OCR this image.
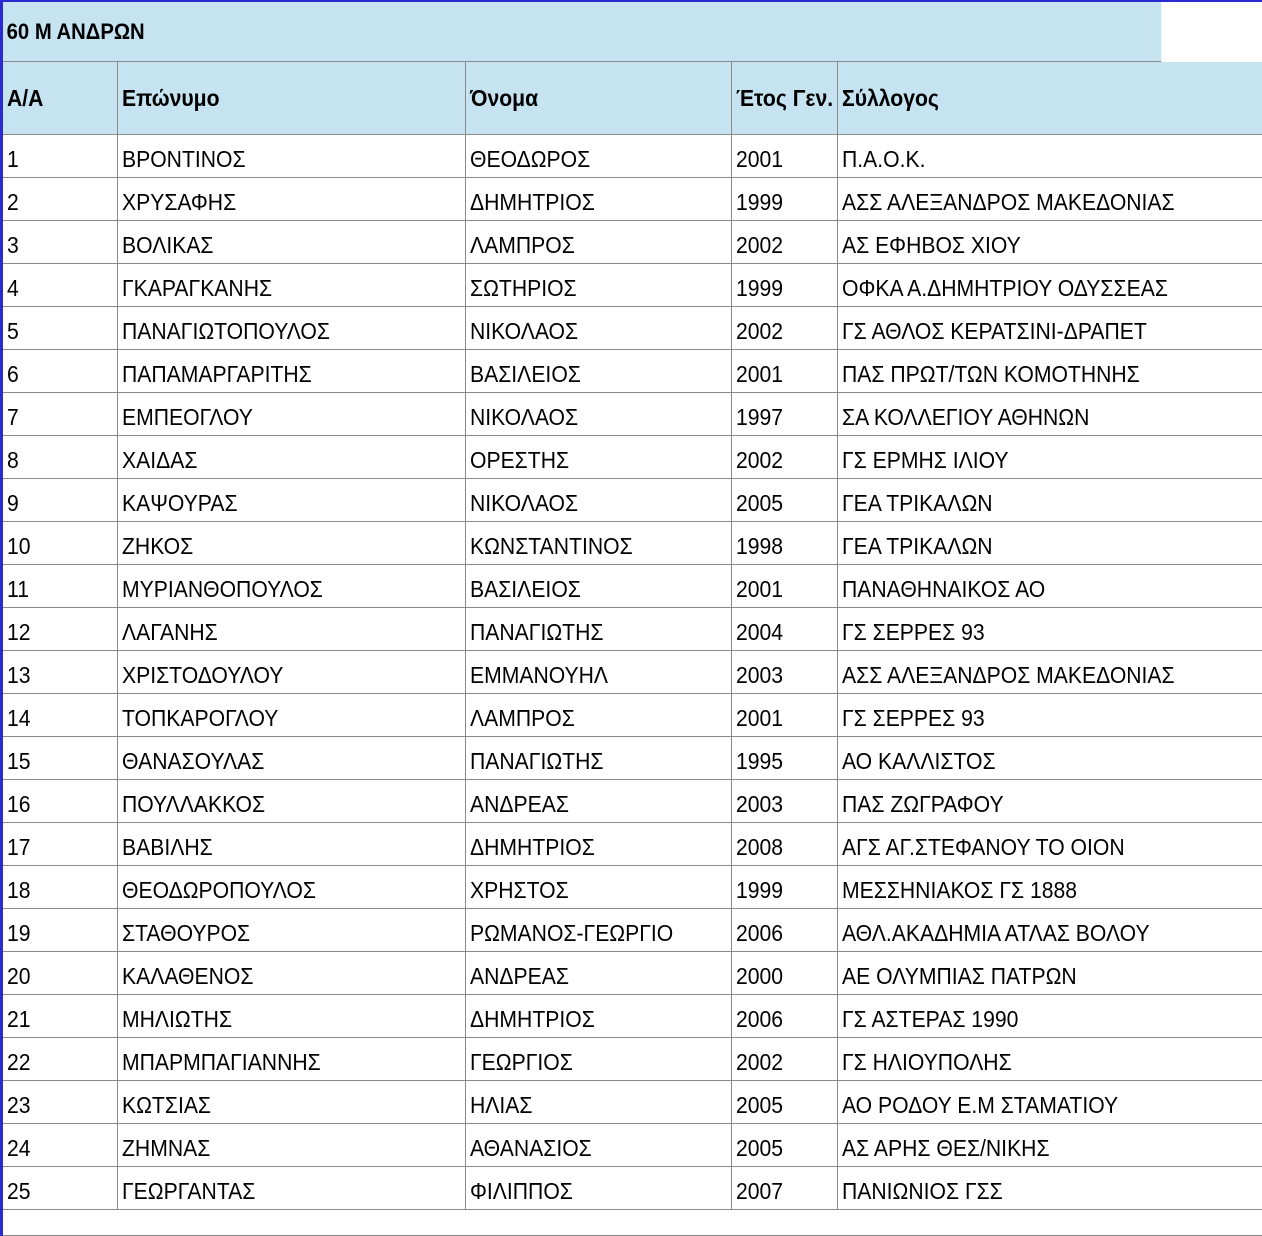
60 Μ ΑΝΔΡΩΝ
Α/Α	Επώνυμο	Όνομα	Έτος Γεν.	Σύλλογος
1	ΒΡΟΝΤΙΝΟΣ	ΘΕΟΔΩΡΟΣ	2001	Π.Α.Ο.Κ.
2	ΧΡΥΣΑΦΗΣ	ΔΗΜΗΤΡΙΟΣ	1999	ΑΣΣ ΑΛΕΞΑΝΔΡΟΣ ΜΑΚΕΔΟΝΙΑΣ
3	ΒΟΛΙΚΑΣ	ΛΑΜΠΡΟΣ	2002	ΑΣ ΕΦΗΒΟΣ ΧΙΟΥ
4	ΓΚΑΡΑΓΚΑΝΗΣ	ΣΩΤΗΡΙΟΣ	1999	ΟΦΚΑ Α.ΔΗΜΗΤΡΙΟΥ ΟΔΥΣΣΕΑΣ
5	ΠΑΝΑΓΙΩΤΟΠΟΥΛΟΣ	ΝΙΚΟΛΑΟΣ	2002	ΓΣ ΑΘΛΟΣ ΚΕΡΑΤΣΙΝΙ-ΔΡΑΠΕΤ
6	ΠΑΠΑΜΑΡΓΑΡΙΤΗΣ	ΒΑΣΙΛΕΙΟΣ	2001	ΠΑΣ ΠΡΩΤ/ΤΩΝ ΚΟΜΟΤΗΝΗΣ
7	ΕΜΠΕΟΓΛΟΥ	ΝΙΚΟΛΑΟΣ	1997	ΣΑ ΚΟΛΛΕΓΙΟΥ ΑΘΗΝΩΝ
8	ΧΑΙΔΑΣ	ΟΡΕΣΤΗΣ	2002	ΓΣ ΕΡΜΗΣ ΙΛΙΟΥ
9	ΚΑΨΟΥΡΑΣ	ΝΙΚΟΛΑΟΣ	2005	ΓΕΑ ΤΡΙΚΑΛΩΝ
10	ΖΗΚΟΣ	ΚΩΝΣΤΑΝΤΙΝΟΣ	1998	ΓΕΑ ΤΡΙΚΑΛΩΝ
11	ΜΥΡΙΑΝΘΟΠΟΥΛΟΣ	ΒΑΣΙΛΕΙΟΣ	2001	ΠΑΝΑΘΗΝΑΙΚΟΣ ΑΟ
12	ΛΑΓΑΝΗΣ	ΠΑΝΑΓΙΩΤΗΣ	2004	ΓΣ ΣΕΡΡΕΣ 93
13	ΧΡΙΣΤΟΔΟΥΛΟΥ	ΕΜΜΑΝΟΥΗΛ	2003	ΑΣΣ ΑΛΕΞΑΝΔΡΟΣ ΜΑΚΕΔΟΝΙΑΣ
14	ΤΟΠΚΑΡΟΓΛΟΥ	ΛΑΜΠΡΟΣ	2001	ΓΣ ΣΕΡΡΕΣ 93
15	ΘΑΝΑΣΟΥΛΑΣ	ΠΑΝΑΓΙΩΤΗΣ	1995	ΑΟ ΚΑΛΛΙΣΤΟΣ
16	ΠΟΥΛΛΑΚΚΟΣ	ΑΝΔΡΕΑΣ	2003	ΠΑΣ ΖΩΓΡΑΦΟΥ
17	ΒΑΒΙΛΗΣ	ΔΗΜΗΤΡΙΟΣ	2008	ΑΓΣ ΑΓ.ΣΤΕΦΑΝΟΥ ΤΟ ΟΙΟΝ
18	ΘΕΟΔΩΡΟΠΟΥΛΟΣ	ΧΡΗΣΤΟΣ	1999	ΜΕΣΣΗΝΙΑΚΟΣ ΓΣ 1888
19	ΣΤΑΘΟΥΡΟΣ	ΡΩΜΑΝΟΣ-ΓΕΩΡΓΙΟ	2006	ΑΘΛ.ΑΚΑΔΗΜΙΑ ΑΤΛΑΣ ΒΟΛΟΥ
20	ΚΑΛΑΘΕΝΟΣ	ΑΝΔΡΕΑΣ	2000	ΑΕ ΟΛΥΜΠΙΑΣ ΠΑΤΡΩΝ
21	ΜΗΛΙΩΤΗΣ	ΔΗΜΗΤΡΙΟΣ	2006	ΓΣ ΑΣΤΕΡΑΣ 1990
22	ΜΠΑΡΜΠΑΓΙΑΝΝΗΣ	ΓΕΩΡΓΙΟΣ	2002	ΓΣ ΗΛΙΟΥΠΟΛΗΣ
23	ΚΩΤΣΙΑΣ	ΗΛΙΑΣ	2005	ΑΟ ΡΟΔΟΥ Ε.Μ ΣΤΑΜΑΤΙΟΥ
24	ΖΗΜΝΑΣ	ΑΘΑΝΑΣΙΟΣ	2005	ΑΣ ΑΡΗΣ ΘΕΣ/ΝΙΚΗΣ
25	ΓΕΩΡΓΑΝΤΑΣ	ΦΙΛΙΠΠΟΣ	2007	ΠΑΝΙΩΝΙΟΣ ΓΣΣ
